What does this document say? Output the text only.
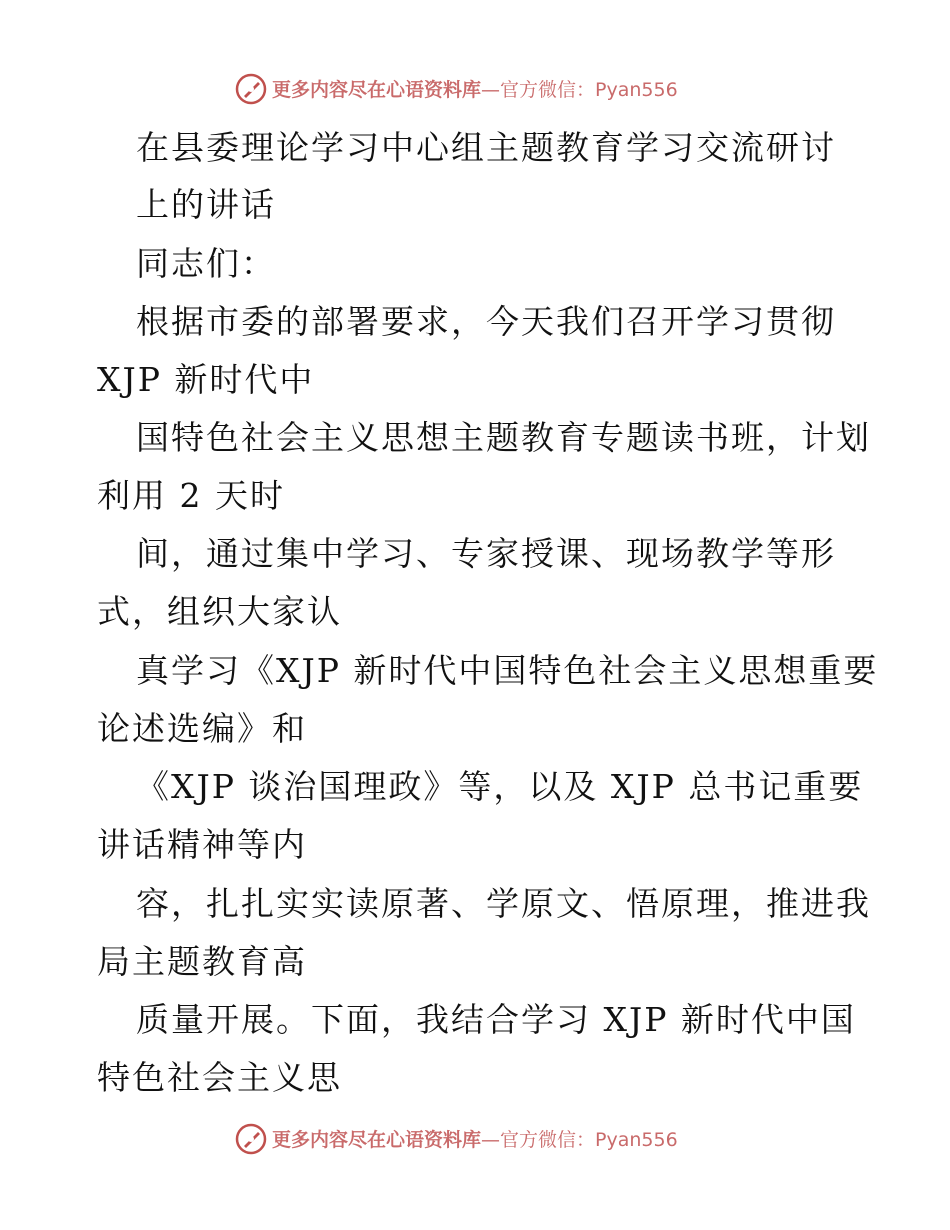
更多内容尽在心语资料库—官方微信：Pyan556
在县委理论学习中心组主题教育学习交流研讨
上的讲话
同志们：
根据市委的部署要求，今天我们召开学习贯彻
XJP 新时代中
国特色社会主义思想主题教育专题读书班，计划
利用 2 天时
间，通过集中学习、专家授课、现场教学等形
式，组织大家认
真学习《XJP 新时代中国特色社会主义思想重要
论述选编》和
《XJP 谈治国理政》等，以及 XJP 总书记重要
讲话精神等内
容，扎扎实实读原著、学原文、悟原理，推进我
局主题教育高
质量开展。下面，我结合学习 XJP 新时代中国
特色社会主义思
更多内容尽在心语资料库—官方微信：Pyan556
